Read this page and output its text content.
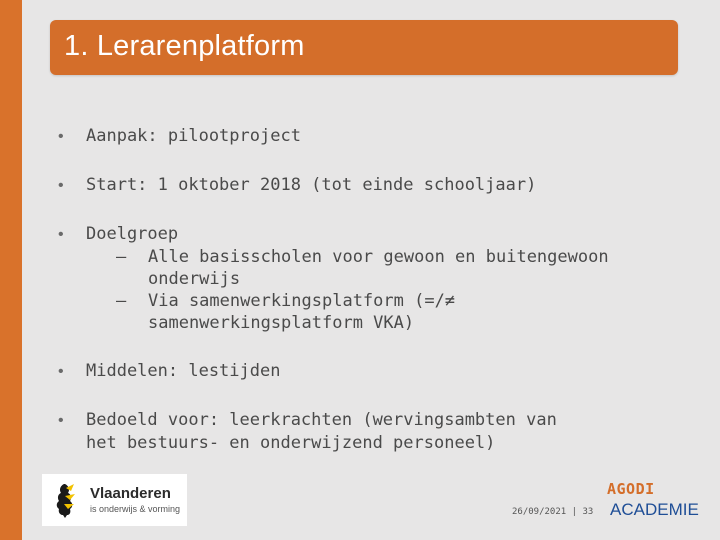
1. Lerarenplatform
• Aanpak: pilootproject
• Start: 1 oktober 2018 (tot einde schooljaar)
• Doelgroep
– Alle basisscholen voor gewoon en buitengewoon
onderwijs
– Via samenwerkingsplatform (=/≠
samenwerkingsplatform VKA)
• Middelen: lestijden
• Bedoeld voor: leerkrachten (wervingsambten van
het bestuurs- en onderwijzend personeel)
Vlaanderen
is onderwijs & vorming	26/09/2021 | 33
AGODI
ACADEMIE
